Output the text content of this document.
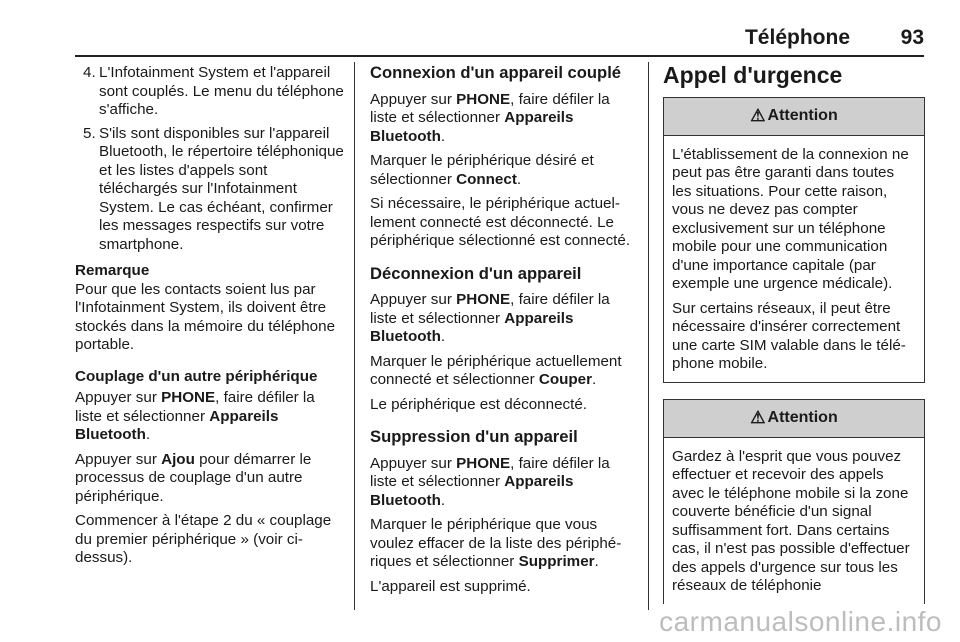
Téléphone 93
4. L'Infotainment System et l'appareil sont couplés. Le menu du téléphone s'affiche.
5. S'ils sont disponibles sur l'appareil Bluetooth, le répertoire téléphonique et les listes d'appels sont téléchargés sur l'Infotainment System. Le cas échéant, confirmer les messages respectifs sur votre smartphone.
Remarque
Pour que les contacts soient lus par l'Infotainment System, ils doivent être stockés dans la mémoire du téléphone portable.
Couplage d'un autre périphérique

Appuyer sur PHONE, faire défiler la liste et sélectionner Appareils Bluetooth.

Appuyer sur Ajou pour démarrer le processus de couplage d'un autre périphérique.

Commencer à l'étape 2 du « couplage du premier périphérique » (voir ci-dessus).

Connexion d'un appareil couplé

Appuyer sur PHONE, faire défiler la liste et sélectionner Appareils Bluetooth.

Marquer le périphérique désiré et sélectionner Connect.

Si nécessaire, le périphérique actuellement connecté est déconnecté. Le périphérique sélectionné est connecté.

Déconnexion d'un appareil

Appuyer sur PHONE, faire défiler la liste et sélectionner Appareils Bluetooth.

Marquer le périphérique actuellement connecté et sélectionner Couper.

Le périphérique est déconnecté.

Suppression d'un appareil

Appuyer sur PHONE, faire défiler la liste et sélectionner Appareils Bluetooth.

Marquer le périphérique que vous voulez effacer de la liste des périphériques et sélectionner Supprimer.

L'appareil est supprimé.

Appel d'urgence
⚠ Attention

L'établissement de la connexion ne peut pas être garanti dans toutes les situations. Pour cette raison, vous ne devez pas compter exclusivement sur un téléphone mobile pour une communication d'une importance capitale (par exemple une urgence médicale).

Sur certains réseaux, il peut être nécessaire d'insérer correctement une carte SIM valable dans le téléphone mobile.

⚠ Attention

Gardez à l'esprit que vous pouvez effectuer et recevoir des appels avec le téléphone mobile si la zone couverte bénéficie d'un signal suffisamment fort. Dans certains cas, il n'est pas possible d'effectuer des appels d'urgence sur tous les réseaux de téléphonie

carmanualsonline.info
